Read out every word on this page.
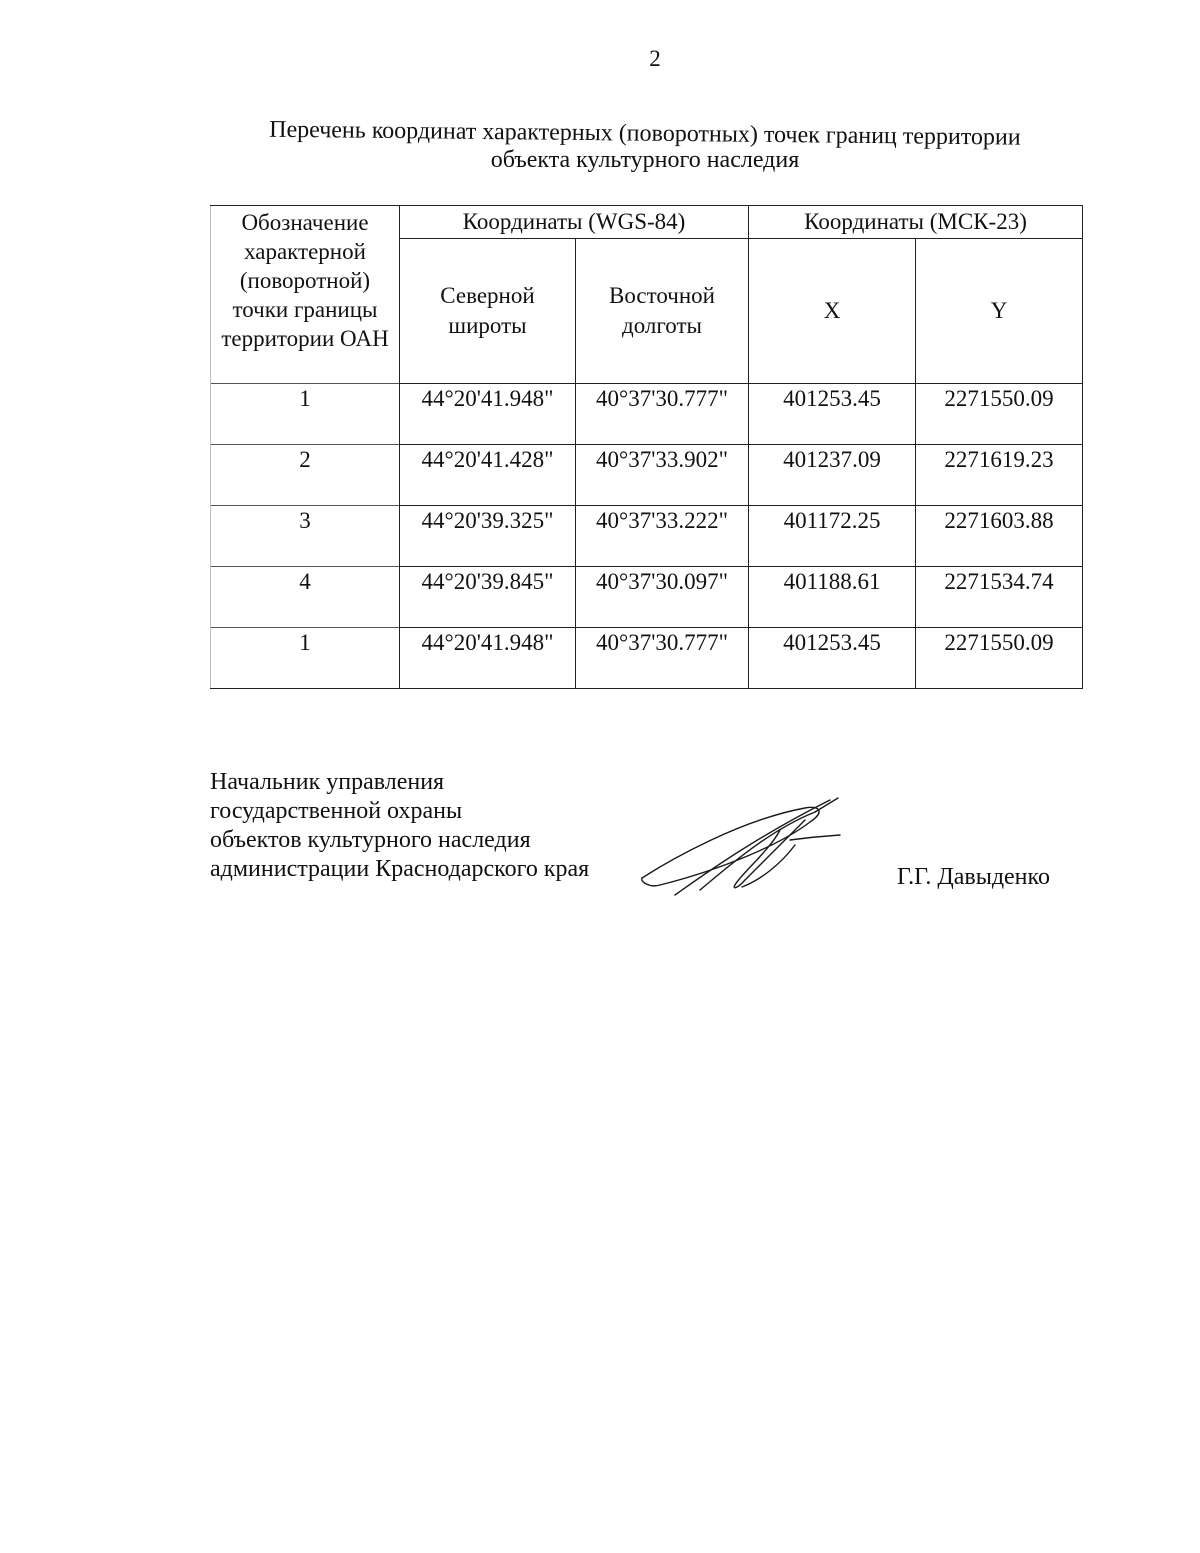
2
Перечень координат характерных (поворотных) точек границ территории
объекта культурного наследия
Обозначение характерной (поворотной) точки границы территории ОАН	Координаты (WGS-84)		Координаты (МСК-23)	
	Северной широты	Восточной долготы	X	Y
1	44°20'41.948"	40°37'30.777"	401253.45	2271550.09
2	44°20'41.428"	40°37'33.902"	401237.09	2271619.23
3	44°20'39.325"	40°37'33.222"	401172.25	2271603.88
4	44°20'39.845"	40°37'30.097"	401188.61	2271534.74
1	44°20'41.948"	40°37'30.777"	401253.45	2271550.09
Начальник управления
государственной охраны
объектов культурного наследия
администрации Краснодарского края	Г.Г. Давыденко
